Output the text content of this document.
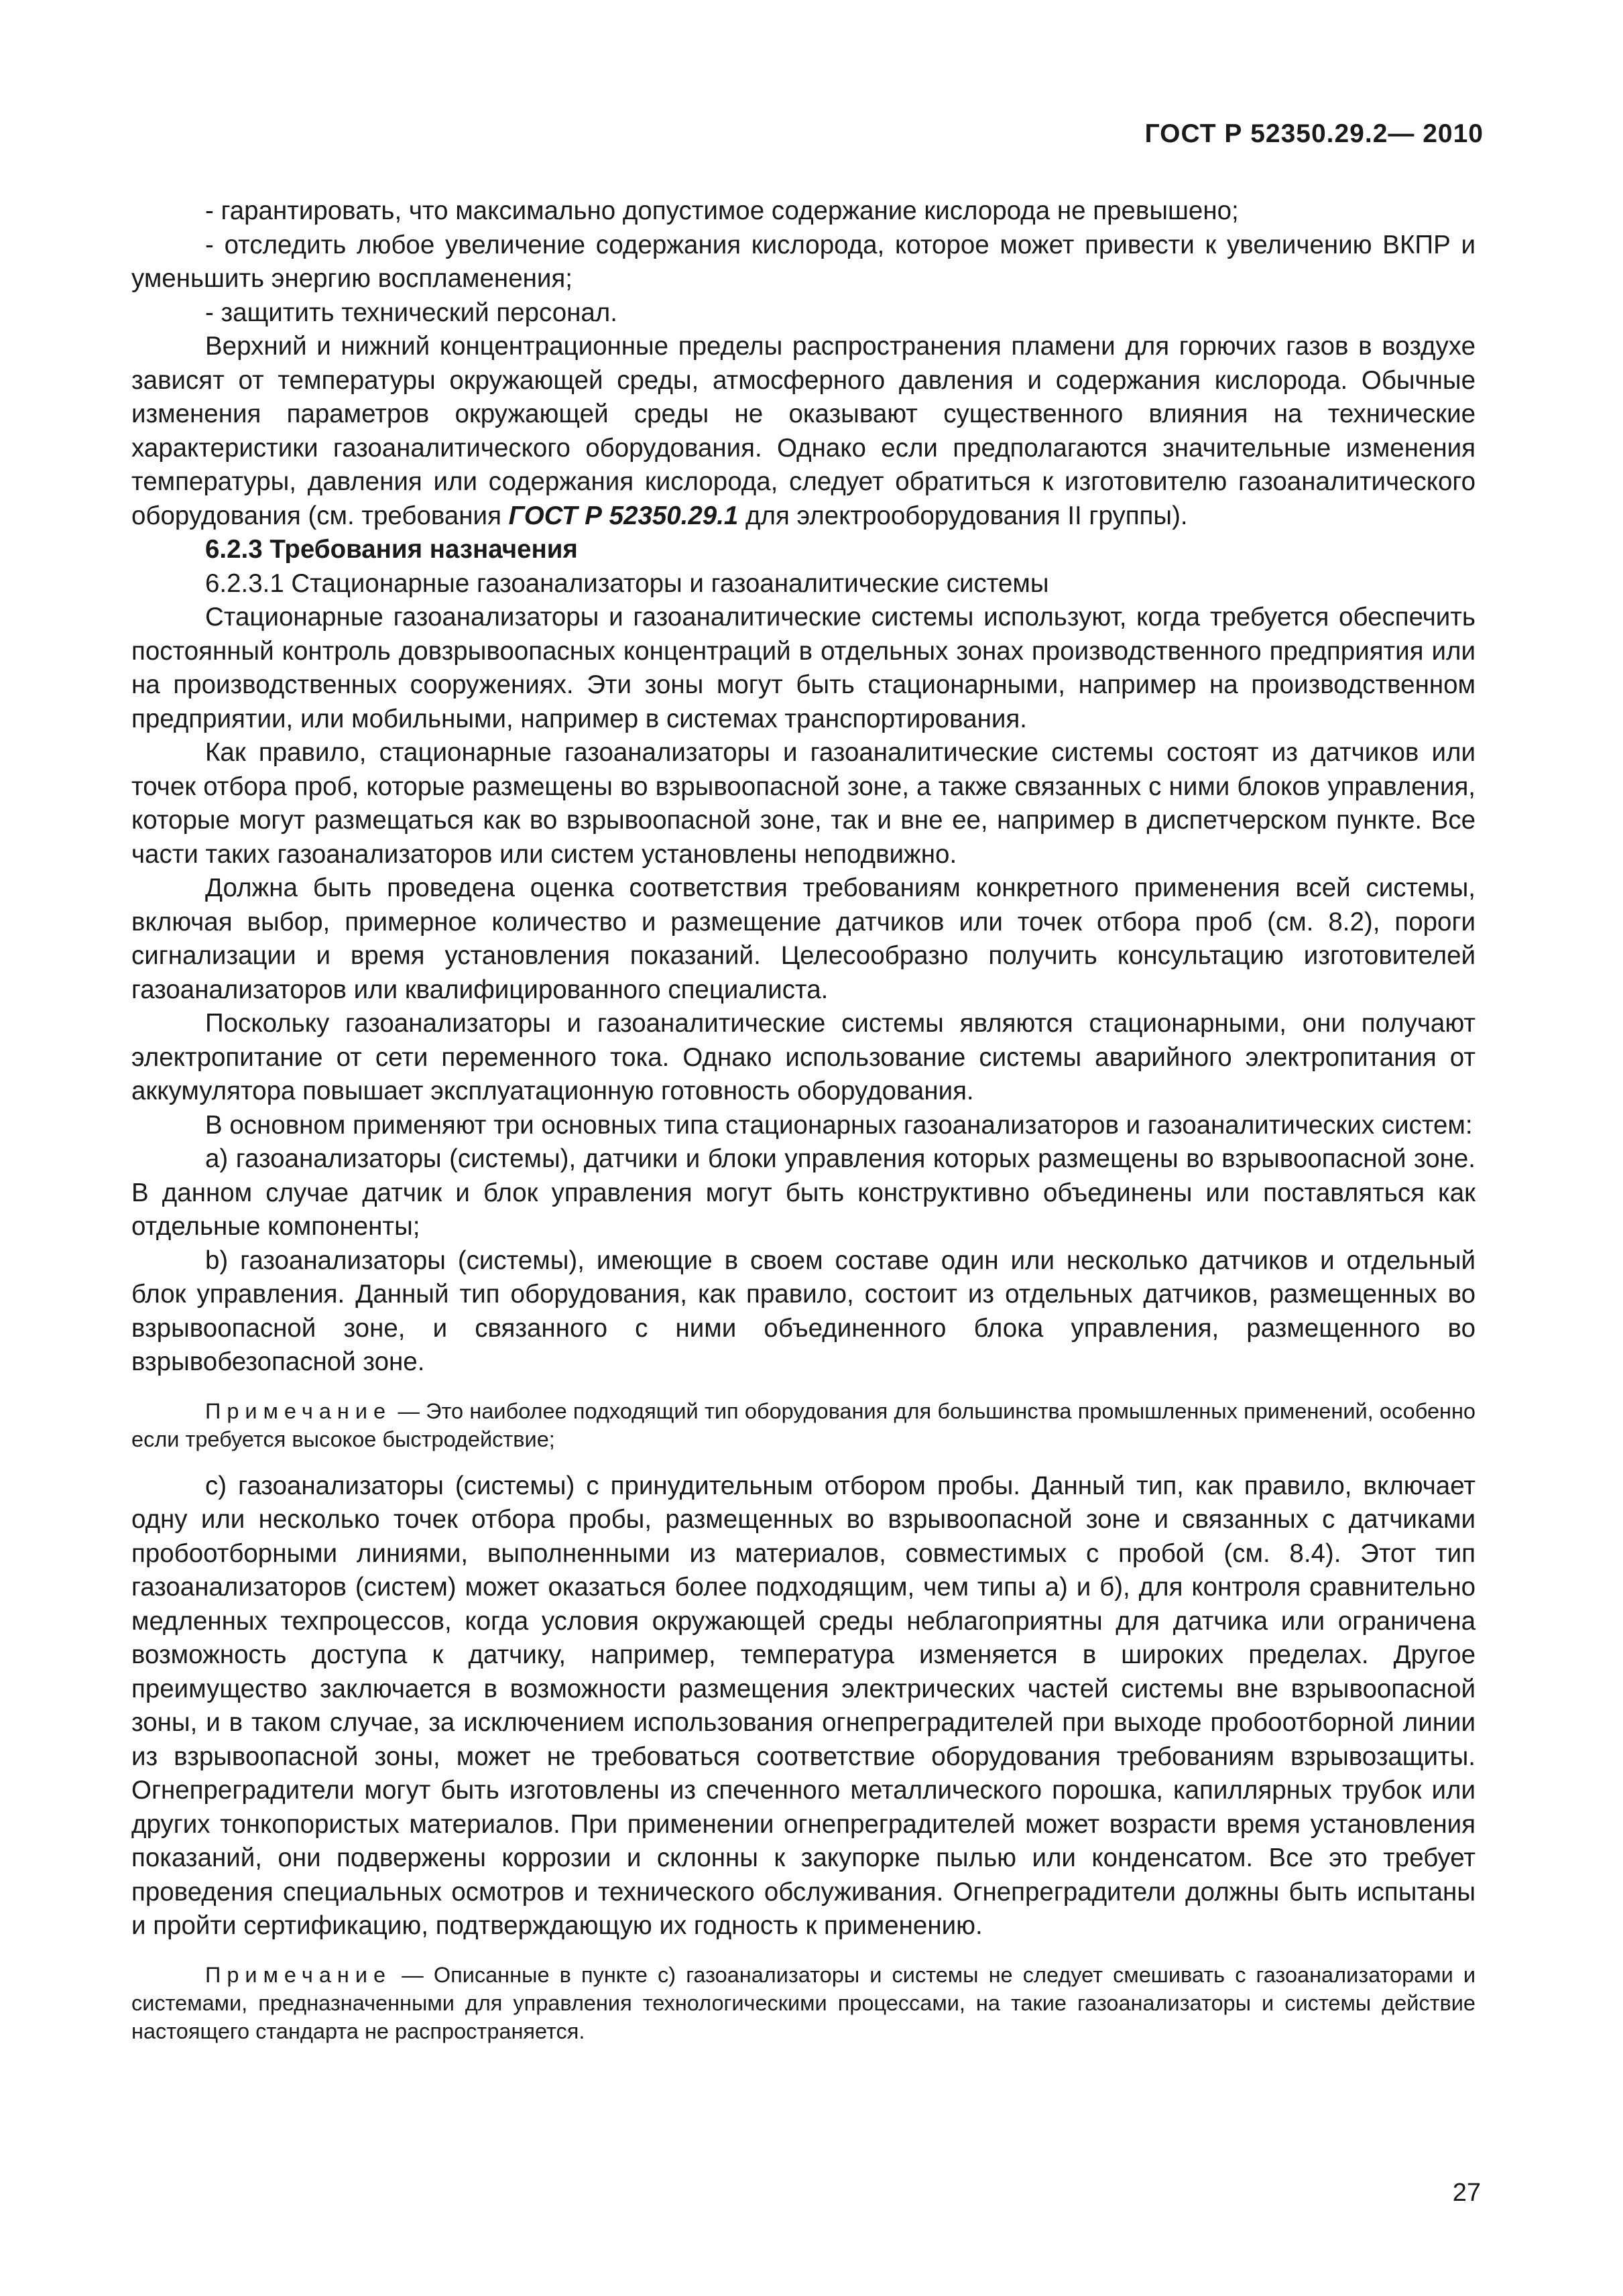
ГОСТ Р 52350.29.2— 2010

- гарантировать, что максимально допустимое содержание кислорода не превышено;

- отследить любое увеличение содержания кислорода, которое может привести к увеличению ВКПР и уменьшить энергию воспламенения;

- защитить технический персонал.

Верхний и нижний концентрационные пределы распространения пламени для горючих газов в воздухе зависят от температуры окружающей среды, атмосферного давления и содержания кислорода. Обычные изменения параметров окружающей среды не оказывают существенного влияния на технические характеристики газоаналитического оборудования. Однако если предполагаются значительные изменения температуры, давления или содержания кислорода, следует обратиться к изготовителю газоаналитического оборудования (см. требования ГОСТ Р 52350.29.1 для электрооборудования II группы).

6.2.3 Требования назначения

6.2.3.1 Стационарные газоанализаторы и газоаналитические системы

Стационарные газоанализаторы и газоаналитические системы используют, когда требуется обеспечить постоянный контроль довзрывоопасных концентраций в отдельных зонах производственного предприятия или на производственных сооружениях. Эти зоны могут быть стационарными, например на производственном предприятии, или мобильными, например в системах транспортирования.

Как правило, стационарные газоанализаторы и газоаналитические системы состоят из датчиков или точек отбора проб, которые размещены во взрывоопасной зоне, а также связанных с ними блоков управления, которые могут размещаться как во взрывоопасной зоне, так и вне ее, например в диспетчерском пункте. Все части таких газоанализаторов или систем установлены неподвижно.

Должна быть проведена оценка соответствия требованиям конкретного применения всей системы, включая выбор, примерное количество и размещение датчиков или точек отбора проб (см. 8.2), пороги сигнализации и время установления показаний. Целесообразно получить консультацию изготовителей газоанализаторов или квалифицированного специалиста.

Поскольку газоанализаторы и газоаналитические системы являются стационарными, они получают электропитание от сети переменного тока. Однако использование системы аварийного электропитания от аккумулятора повышает эксплуатационную готовность оборудования.

В основном применяют три основных типа стационарных газоанализаторов и газоаналитических систем:

а) газоанализаторы (системы), датчики и блоки управления которых размещены во взрывоопасной зоне. В данном случае датчик и блок управления могут быть конструктивно объединены или поставляться как отдельные компоненты;

b) газоанализаторы (системы), имеющие в своем составе один или несколько датчиков и отдельный блок управления. Данный тип оборудования, как правило, состоит из отдельных датчиков, размещенных во взрывоопасной зоне, и связанного с ними объединенного блока управления, размещенного во взрывобезопасной зоне.

Примечание — Это наиболее подходящий тип оборудования для большинства промышленных применений, особенно если требуется высокое быстродействие;

с) газоанализаторы (системы) с принудительным отбором пробы. Данный тип, как правило, включает одну или несколько точек отбора пробы, размещенных во взрывоопасной зоне и связанных с датчиками пробоотборными линиями, выполненными из материалов, совместимых с пробой (см. 8.4). Этот тип газоанализаторов (систем) может оказаться более подходящим, чем типы а) и б), для контроля сравнительно медленных техпроцессов, когда условия окружающей среды неблагоприятны для датчика или ограничена возможность доступа к датчику, например, температура изменяется в широких пределах. Другое преимущество заключается в возможности размещения электрических частей системы вне взрывоопасной зоны, и в таком случае, за исключением использования огнепреградителей при выходе пробоотборной линии из взрывоопасной зоны, может не требоваться соответствие оборудования требованиям взрывозащиты. Огнепреградители могут быть изготовлены из спеченного металлического порошка, капиллярных трубок или других тонкопористых материалов. При применении огнепреградителей может возрасти время установления показаний, они подвержены коррозии и склонны к закупорке пылью или конденсатом. Все это требует проведения специальных осмотров и технического обслуживания. Огнепреградители должны быть испытаны и пройти сертификацию, подтверждающую их годность к применению.

Примечание — Описанные в пункте с) газоанализаторы и системы не следует смешивать с газоанализаторами и системами, предназначенными для управления технологическими процессами, на такие газоанализаторы и системы действие настоящего стандарта не распространяется.

27
